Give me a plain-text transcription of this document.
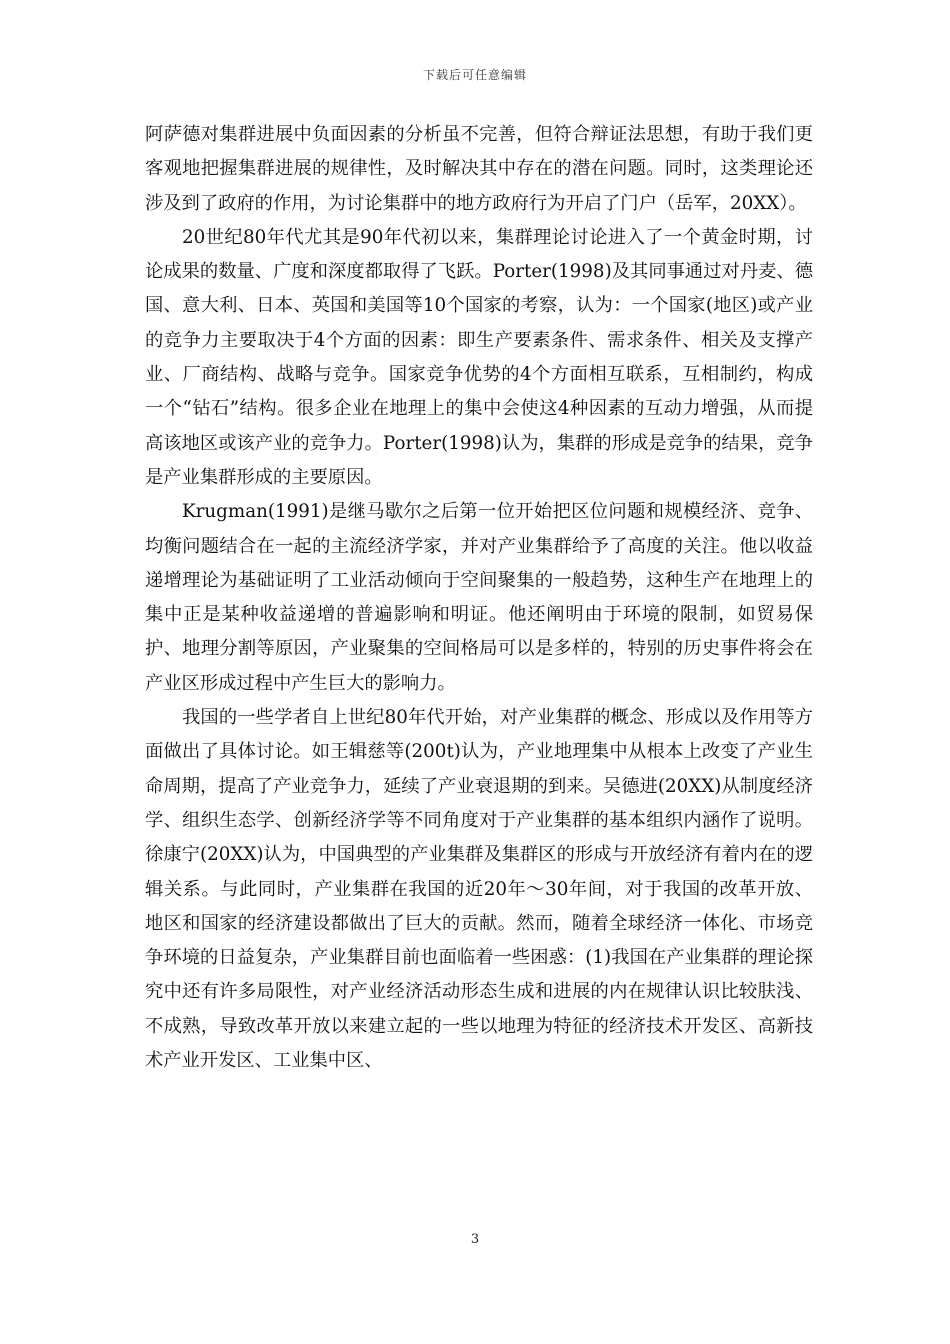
下载后可任意编辑

阿萨德对集群进展中负面因素的分析虽不完善，但符合辩证法思想，有助于我们更客观地把握集群进展的规律性，及时解决其中存在的潜在问题。同时，这类理论还涉及到了政府的作用，为讨论集群中的地方政府行为开启了门户（岳军，20XX）。

20世纪80年代尤其是90年代初以来，集群理论讨论进入了一个黄金时期，讨论成果的数量、广度和深度都取得了飞跃。Porter(1998)及其同事通过对丹麦、德国、意大利、日本、英国和美国等10个国家的考察，认为：一个国家(地区)或产业的竞争力主要取决于4个方面的因素：即生产要素条件、需求条件、相关及支撑产业、厂商结构、战略与竞争。国家竞争优势的4个方面相互联系，互相制约，构成一个“钻石”结构。很多企业在地理上的集中会使这4种因素的互动力增强，从而提高该地区或该产业的竞争力。Porter(1998)认为，集群的形成是竞争的结果，竞争是产业集群形成的主要原因。

Krugman(1991)是继马歇尔之后第一位开始把区位问题和规模经济、竞争、均衡问题结合在一起的主流经济学家，并对产业集群给予了高度的关注。他以收益递增理论为基础证明了工业活动倾向于空间聚集的一般趋势，这种生产在地理上的集中正是某种收益递增的普遍影响和明证。他还阐明由于环境的限制，如贸易保护、地理分割等原因，产业聚集的空间格局可以是多样的，特别的历史事件将会在产业区形成过程中产生巨大的影响力。

我国的一些学者自上世纪80年代开始，对产业集群的概念、形成以及作用等方面做出了具体讨论。如王辑慈等(200t)认为，产业地理集中从根本上改变了产业生命周期，提高了产业竞争力，延续了产业衰退期的到来。吴德进(20XX)从制度经济学、组织生态学、创新经济学等不同角度对于产业集群的基本组织内涵作了说明。徐康宁(20XX)认为，中国典型的产业集群及集群区的形成与开放经济有着内在的逻辑关系。与此同时，产业集群在我国的近20年～30年间，对于我国的改革开放、地区和国家的经济建设都做出了巨大的贡献。然而，随着全球经济一体化、市场竞争环境的日益复杂，产业集群目前也面临着一些困惑：(1)我国在产业集群的理论探究中还有许多局限性，对产业经济活动形态生成和进展的内在规律认识比较肤浅、不成熟，导致改革开放以来建立起的一些以地理为特征的经济技术开发区、高新技术产业开发区、工业集中区、

3
